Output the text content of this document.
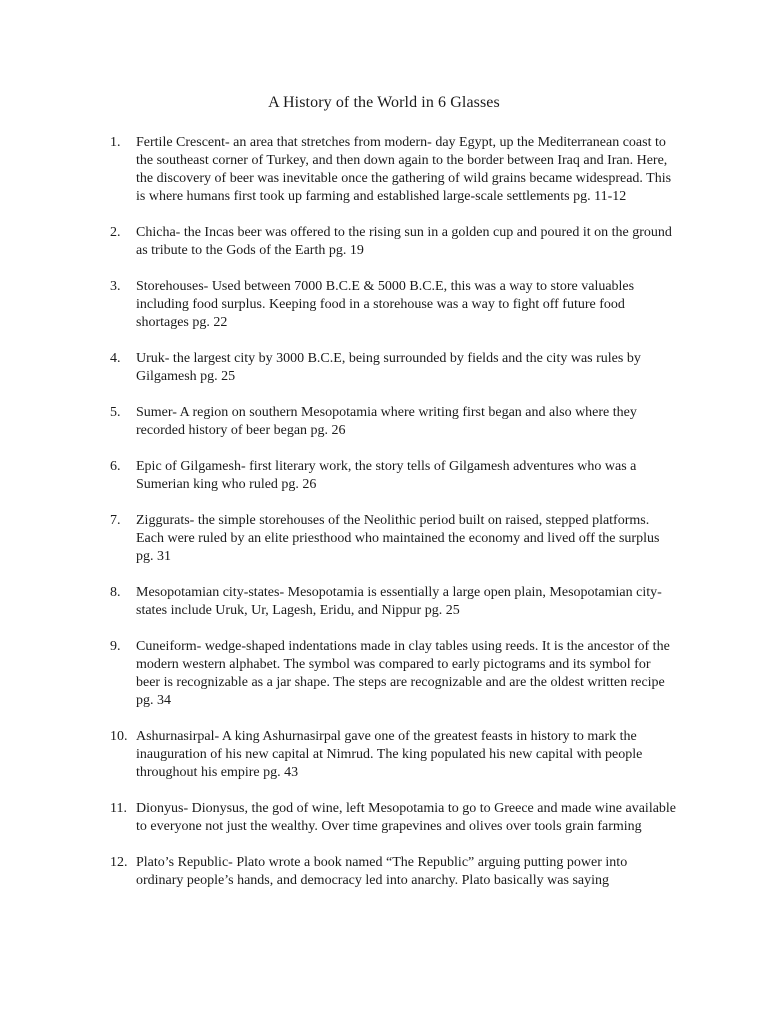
A History of the World in 6 Glasses
1.	Fertile Crescent- an area that stretches from modern- day Egypt, up the Mediterranean coast to the southeast corner of Turkey, and then down again to the border between Iraq and Iran. Here, the discovery of beer was inevitable once the gathering of wild grains became widespread. This is where humans first took up farming and established large-scale settlements pg. 11-12
2.	Chicha- the Incas beer was offered to the rising sun in a golden cup and poured it on the ground as tribute to the Gods of the Earth pg. 19
3.	Storehouses- Used between 7000 B.C.E & 5000 B.C.E, this was a way to store valuables including food surplus. Keeping food in a storehouse was a way to fight off future food shortages pg. 22
4.	Uruk- the largest city by 3000 B.C.E, being surrounded by fields and the city was rules by Gilgamesh pg. 25
5.	Sumer- A region on southern Mesopotamia where writing first began and also where they recorded history of beer began pg. 26
6.	Epic of Gilgamesh- first literary work, the story tells of Gilgamesh adventures who was a Sumerian king who ruled pg. 26
7.	Ziggurats- the simple storehouses of the Neolithic period built on raised, stepped platforms. Each were ruled by an elite priesthood who maintained the economy and lived off the surplus pg. 31
8.	Mesopotamian city-states- Mesopotamia is essentially a large open plain, Mesopotamian city-states include Uruk, Ur, Lagesh, Eridu, and Nippur pg. 25
9.	Cuneiform- wedge-shaped indentations made in clay tables using reeds. It is the ancestor of the modern western alphabet. The symbol was compared to early pictograms and its symbol for beer is recognizable as a jar shape. The steps are recognizable and are the oldest written recipe pg. 34
10. Ashurnasirpal- A king Ashurnasirpal gave one of the greatest feasts in history to mark the inauguration of his new capital at Nimrud. The king populated his new capital with people throughout his empire pg. 43
11. Dionyus- Dionysus, the god of wine, left Mesopotamia to go to Greece and made wine available to everyone not just the wealthy. Over time grapevines and olives over tools grain farming
12. Plato’s Republic- Plato wrote a book named “The Republic” arguing putting power into ordinary people’s hands, and democracy led into anarchy. Plato basically was saying
